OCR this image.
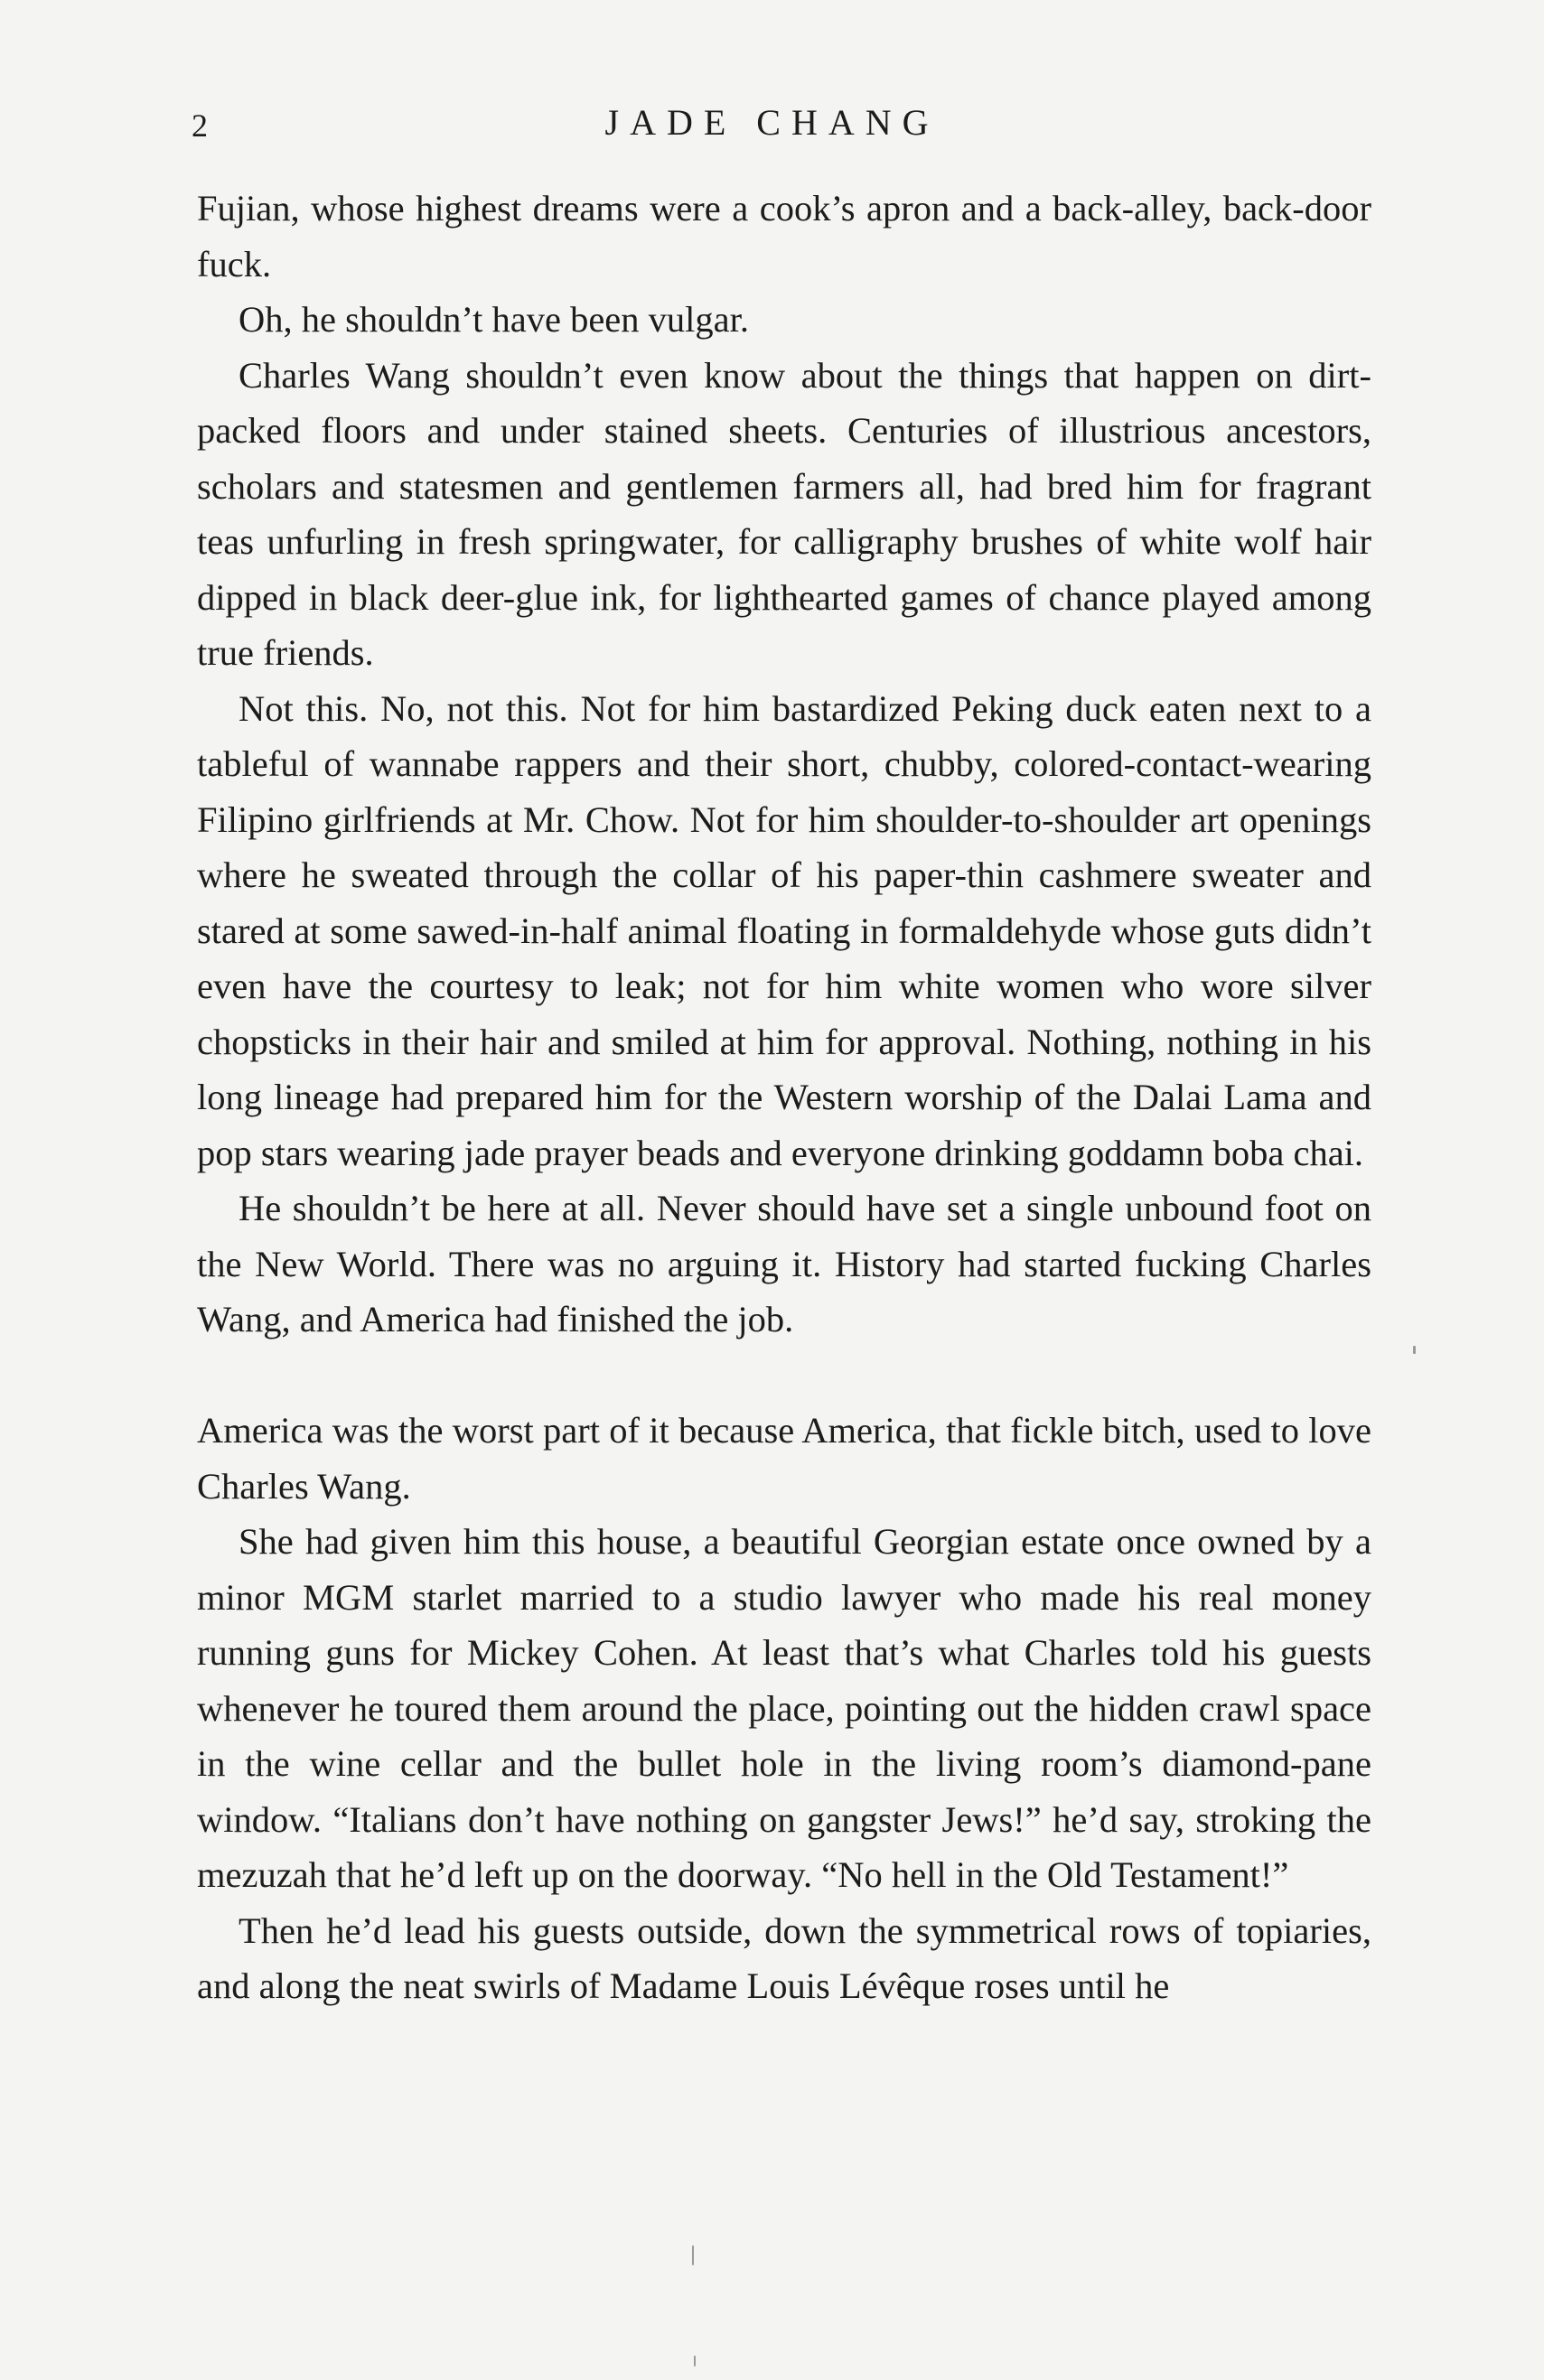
2	JADE CHANG

Fujian, whose highest dreams were a cook’s apron and a back-alley, back-door fuck.

Oh, he shouldn’t have been vulgar.

Charles Wang shouldn’t even know about the things that happen on dirt-packed floors and under stained sheets. Centuries of illustrious ancestors, scholars and statesmen and gentlemen farmers all, had bred him for fragrant teas unfurling in fresh springwater, for calligraphy brushes of white wolf hair dipped in black deer-glue ink, for lighthearted games of chance played among true friends.

Not this. No, not this. Not for him bastardized Peking duck eaten next to a tableful of wannabe rappers and their short, chubby, colored-contact-wearing Filipino girlfriends at Mr. Chow. Not for him shoulder-to-shoulder art openings where he sweated through the collar of his paper-thin cashmere sweater and stared at some sawed-in-half animal floating in formaldehyde whose guts didn’t even have the courtesy to leak; not for him white women who wore silver chopsticks in their hair and smiled at him for approval. Nothing, nothing in his long lineage had prepared him for the Western worship of the Dalai Lama and pop stars wearing jade prayer beads and everyone drinking goddamn boba chai.

He shouldn’t be here at all. Never should have set a single unbound foot on the New World. There was no arguing it. History had started fucking Charles Wang, and America had finished the job.

America was the worst part of it because America, that fickle bitch, used to love Charles Wang.

She had given him this house, a beautiful Georgian estate once owned by a minor MGM starlet married to a studio lawyer who made his real money running guns for Mickey Cohen. At least that’s what Charles told his guests whenever he toured them around the place, pointing out the hidden crawl space in the wine cellar and the bullet hole in the living room’s diamond-pane window. “Italians don’t have nothing on gangster Jews!” he’d say, stroking the mezuzah that he’d left up on the doorway. “No hell in the Old Testament!”

Then he’d lead his guests outside, down the symmetrical rows of topiaries, and along the neat swirls of Madame Louis Lévêque roses until he
